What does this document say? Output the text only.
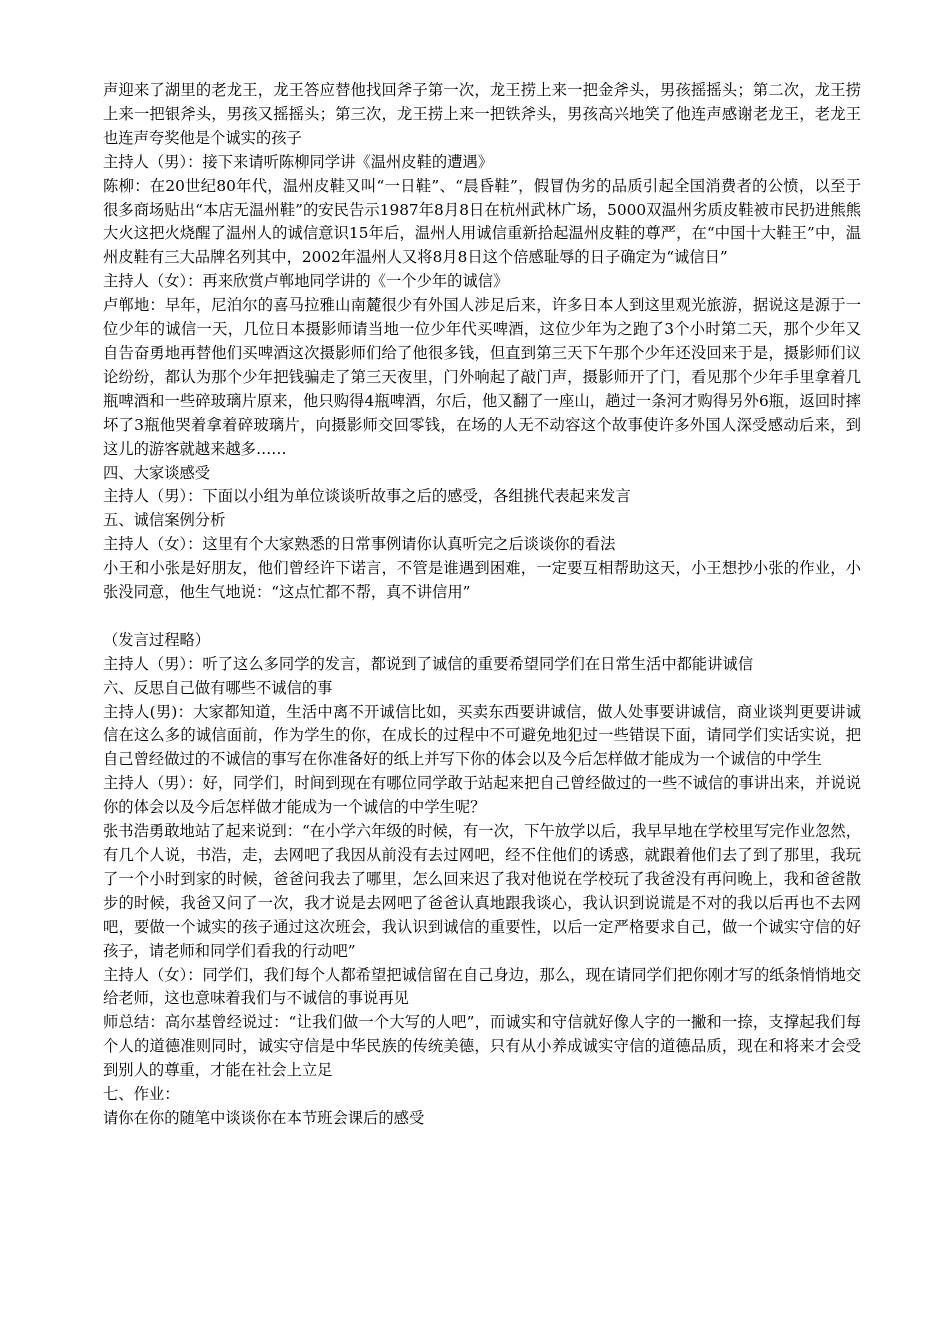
声迎来了湖里的老龙王，龙王答应替他找回斧子第一次，龙王捞上来一把金斧头，男孩摇摇头；第二次，龙王捞上来一把银斧头，男孩又摇摇头；第三次，龙王捞上来一把铁斧头，男孩高兴地笑了他连声感谢老龙王，老龙王也连声夸奖他是个诚实的孩子

主持人（男）：接下来请听陈柳同学讲《温州皮鞋的遭遇》

陈柳：在20世纪80年代，温州皮鞋又叫“一日鞋”、“晨昏鞋”，假冒伪劣的品质引起全国消费者的公愤，以至于很多商场贴出“本店无温州鞋”的安民告示1987年8月8日在杭州武林广场，5000双温州劣质皮鞋被市民扔进熊熊大火这把火烧醒了温州人的诚信意识15年后，温州人用诚信重新拾起温州皮鞋的尊严，在“中国十大鞋王”中，温州皮鞋有三大品牌名列其中，2002年温州人又将8月8日这个倍感耻辱的日子确定为“诚信日”

主持人（女）：再来欣赏卢郸地同学讲的《一个少年的诚信》

卢郸地：早年，尼泊尔的喜马拉雅山南麓很少有外国人涉足后来，许多日本人到这里观光旅游，据说这是源于一位少年的诚信一天，几位日本摄影师请当地一位少年代买啤酒，这位少年为之跑了3个小时第二天，那个少年又自告奋勇地再替他们买啤酒这次摄影师们给了他很多钱，但直到第三天下午那个少年还没回来于是，摄影师们议论纷纷，都认为那个少年把钱骗走了第三天夜里，门外响起了敲门声，摄影师开了门，看见那个少年手里拿着几瓶啤酒和一些碎玻璃片原来，他只购得4瓶啤酒，尔后，他又翻了一座山，趟过一条河才购得另外6瓶，返回时摔坏了3瓶他哭着拿着碎玻璃片，向摄影师交回零钱，在场的人无不动容这个故事使许多外国人深受感动后来，到这儿的游客就越来越多……

四、大家谈感受

主持人（男）：下面以小组为单位谈谈听故事之后的感受，各组挑代表起来发言

五、诚信案例分析

主持人（女）：这里有个大家熟悉的日常事例请你认真听完之后谈谈你的看法

小王和小张是好朋友，他们曾经许下诺言，不管是谁遇到困难，一定要互相帮助这天，小王想抄小张的作业，小张没同意，他生气地说：“这点忙都不帮，真不讲信用”

（发言过程略）

主持人（男）：听了这么多同学的发言，都说到了诚信的重要希望同学们在日常生活中都能讲诚信

六、反思自己做有哪些不诚信的事

主持人(男)：大家都知道，生活中离不开诚信比如，买卖东西要讲诚信，做人处事要讲诚信，商业谈判更要讲诚信在这么多的诚信面前，作为学生的你，在成长的过程中不可避免地犯过一些错误下面，请同学们实话实说，把自己曾经做过的不诚信的事写在你准备好的纸上并写下你的体会以及今后怎样做才能成为一个诚信的中学生

主持人（男）：好，同学们，时间到现在有哪位同学敢于站起来把自己曾经做过的一些不诚信的事讲出来，并说说你的体会以及今后怎样做才能成为一个诚信的中学生呢？

张书浩勇敢地站了起来说到：“在小学六年级的时候，有一次，下午放学以后，我早早地在学校里写完作业忽然，有几个人说，书浩，走，去网吧了我因从前没有去过网吧，经不住他们的诱惑，就跟着他们去了到了那里，我玩了一个小时到家的时候，爸爸问我去了哪里，怎么回来迟了我对他说在学校玩了我爸没有再问晚上，我和爸爸散步的时候，我爸又问了一次，我才说是去网吧了爸爸认真地跟我谈心，我认识到说谎是不对的我以后再也不去网吧，要做一个诚实的孩子通过这次班会，我认识到诚信的重要性，以后一定严格要求自己，做一个诚实守信的好孩子，请老师和同学们看我的行动吧”

主持人（女）：同学们，我们每个人都希望把诚信留在自己身边，那么，现在请同学们把你刚才写的纸条悄悄地交给老师，这也意味着我们与不诚信的事说再见

师总结：高尔基曾经说过：“让我们做一个大写的人吧”，而诚实和守信就好像人字的一撇和一捺，支撑起我们每个人的道德准则同时，诚实守信是中华民族的传统美德，只有从小养成诚实守信的道德品质，现在和将来才会受到别人的尊重，才能在社会上立足

七、作业：

请你在你的随笔中谈谈你在本节班会课后的感受
